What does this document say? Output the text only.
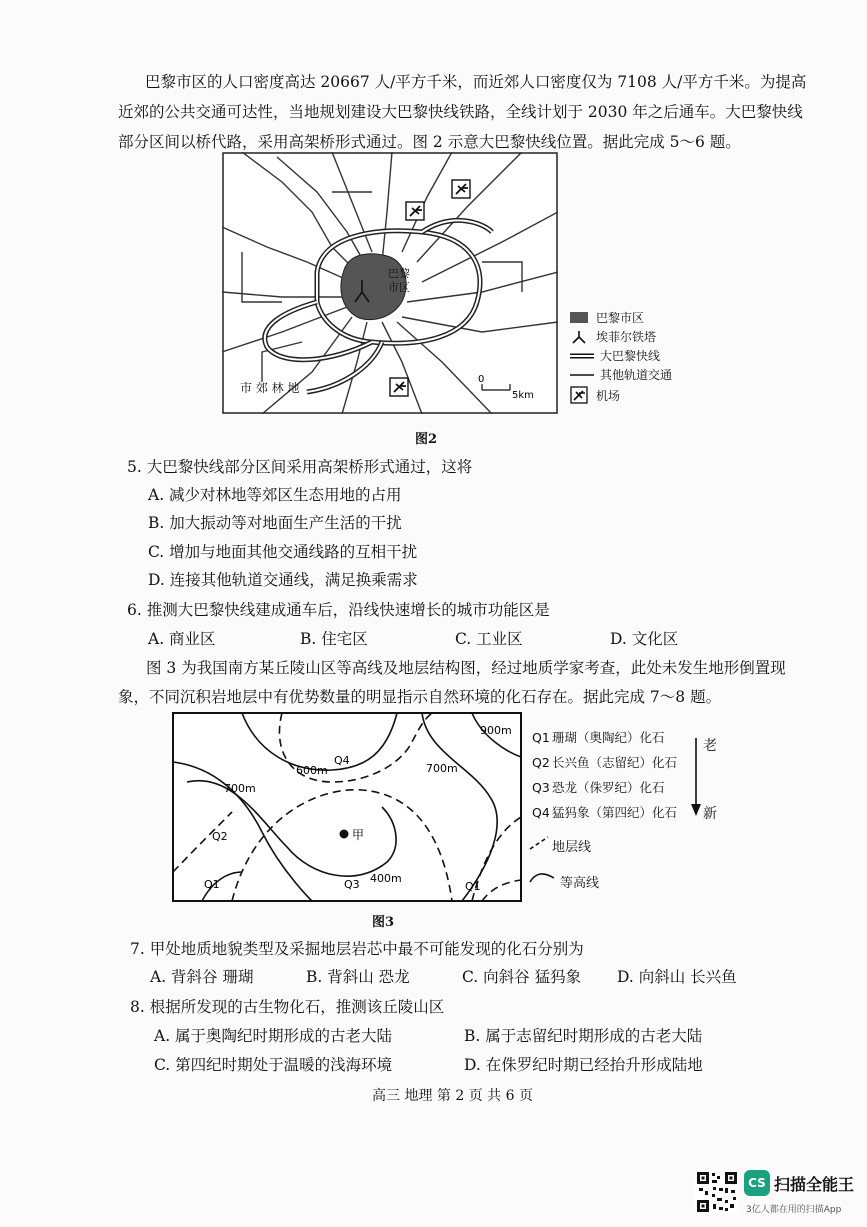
巴黎市区的人口密度高达 20667 人/平方千米，而近郊人口密度仅为 7108 人/平方千米。为提高
近郊的公共交通可达性，当地规划建设大巴黎快线铁路，全线计划于 2030 年之后通车。大巴黎快线
部分区间以桥代路，采用高架桥形式通过。图 2 示意大巴黎快线位置。据此完成 5～6 题。
巴黎
市区
市 郊 林 地
0
5km
巴黎市区
埃菲尔铁塔
大巴黎快线
其他轨道交通
机场
图2
5. 大巴黎快线部分区间采用高架桥形式通过，这将
A. 减少对林地等郊区生态用地的占用
B. 加大振动等对地面生产生活的干扰
C. 增加与地面其他交通线路的互相干扰
D. 连接其他轨道交通线，满足换乘需求
6. 推测大巴黎快线建成通车后，沿线快速增长的城市功能区是
A. 商业区	B. 住宅区	C. 工业区	D. 文化区
图 3 为我国南方某丘陵山区等高线及地层结构图，经过地质学家考查，此处未发生地形倒置现
象，不同沉积岩地层中有优势数量的明显指示自然环境的化石存在。据此完成 7～8 题。
900m
600m
700m
700m
400m
Q4
Q2
Q1	Q3	Q1
甲
Q1 珊瑚（奥陶纪）化石
Q2 长兴鱼（志留纪）化石
Q3 恐龙（侏罗纪）化石
Q4 猛犸象（第四纪）化石
老
新
地层线
等高线
图3
7. 甲处地质地貌类型及采掘地层岩芯中最不可能发现的化石分别为
A. 背斜谷 珊瑚	B. 背斜山 恐龙	C. 向斜谷 猛犸象 D. 向斜山 长兴鱼
8. 根据所发现的古生物化石，推测该丘陵山区
A. 属于奥陶纪时期形成的古老大陆	B. 属于志留纪时期形成的古老大陆
C. 第四纪时期处于温暖的浅海环境	D. 在侏罗纪时期已经抬升形成陆地
高三 地理 第 2 页 共 6 页
CS 扫描全能王
3亿人都在用的扫描App
